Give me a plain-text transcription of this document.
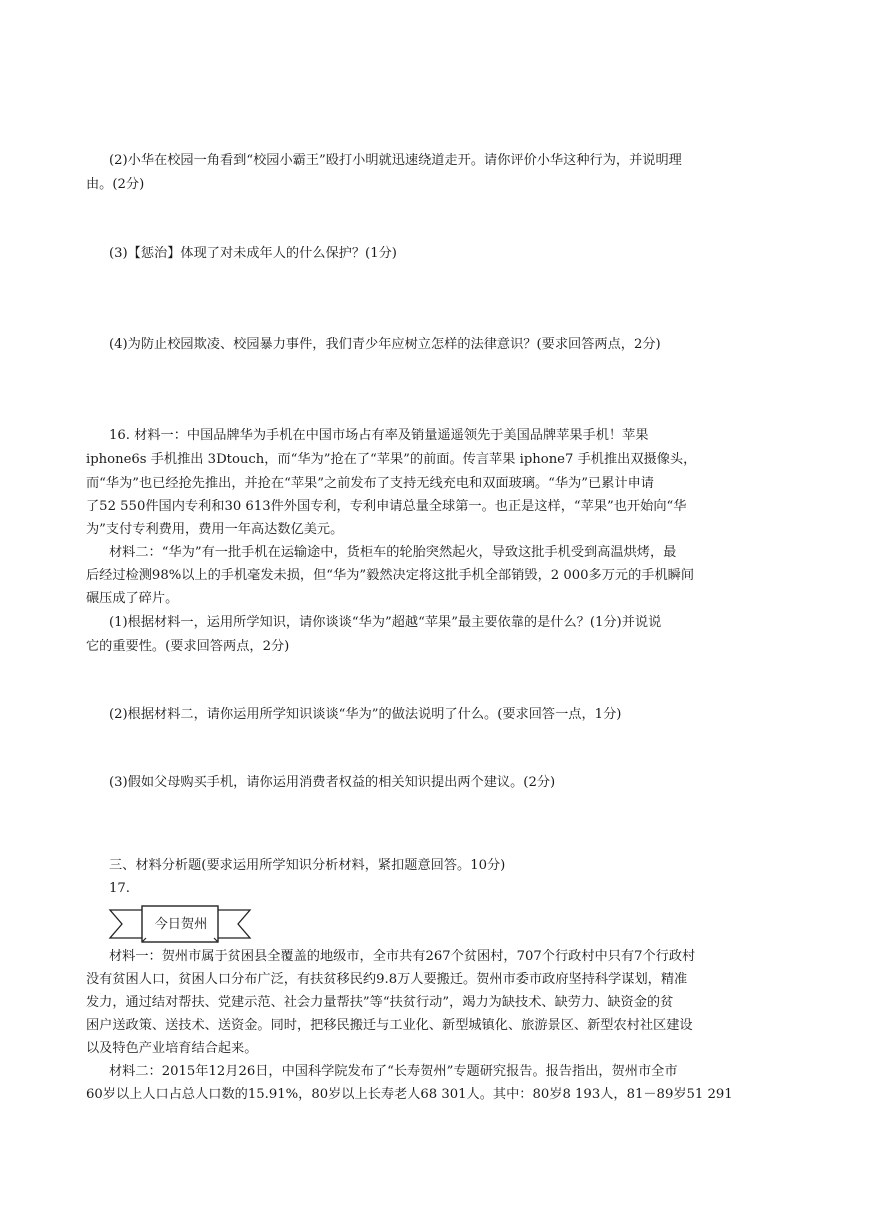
(2)小华在校园一角看到“校园小霸王”殴打小明就迅速绕道走开。请你评价小华这种行为，并说明理
由。(2分)
(3)【惩治】体现了对未成年人的什么保护？(1分)
(4)为防止校园欺凌、校园暴力事件，我们青少年应树立怎样的法律意识？(要求回答两点，2分)
16. 材料一：中国品牌华为手机在中国市场占有率及销量遥遥领先于美国品牌苹果手机！苹果
iphone6s 手机推出 3Dtouch，而“华为”抢在了“苹果”的前面。传言苹果 iphone7 手机推出双摄像头，
而“华为”也已经抢先推出，并抢在“苹果”之前发布了支持无线充电和双面玻璃。“华为”已累计申请
了52 550件国内专利和30 613件外国专利，专利申请总量全球第一。也正是这样，“苹果”也开始向“华
为”支付专利费用，费用一年高达数亿美元。
材料二：“华为”有一批手机在运输途中，货柜车的轮胎突然起火，导致这批手机受到高温烘烤，最
后经过检测98%以上的手机毫发未损，但“华为”毅然决定将这批手机全部销毁，2 000多万元的手机瞬间
碾压成了碎片。
(1)根据材料一，运用所学知识，请你谈谈“华为”超越“苹果”最主要依靠的是什么？(1分)并说说
它的重要性。(要求回答两点，2分)
(2)根据材料二，请你运用所学知识谈谈“华为”的做法说明了什么。(要求回答一点，1分)
(3)假如父母购买手机，请你运用消费者权益的相关知识提出两个建议。(2分)
三、材料分析题(要求运用所学知识分析材料，紧扣题意回答。10分)
17.
今日贺州
材料一：贺州市属于贫困县全覆盖的地级市，全市共有267个贫困村，707个行政村中只有7个行政村
没有贫困人口，贫困人口分布广泛，有扶贫移民约9.8万人要搬迁。贺州市委市政府坚持科学谋划，精准
发力，通过结对帮扶、党建示范、社会力量帮扶”等“扶贫行动”，竭力为缺技术、缺劳力、缺资金的贫
困户送政策、送技术、送资金。同时，把移民搬迁与工业化、新型城镇化、旅游景区、新型农村社区建设
以及特色产业培育结合起来。
材料二：2015年12月26日，中国科学院发布了“长寿贺州”专题研究报告。报告指出，贺州市全市
60岁以上人口占总人口数的15.91%，80岁以上长寿老人68 301人。其中：80岁8 193人，81－89岁51 291
